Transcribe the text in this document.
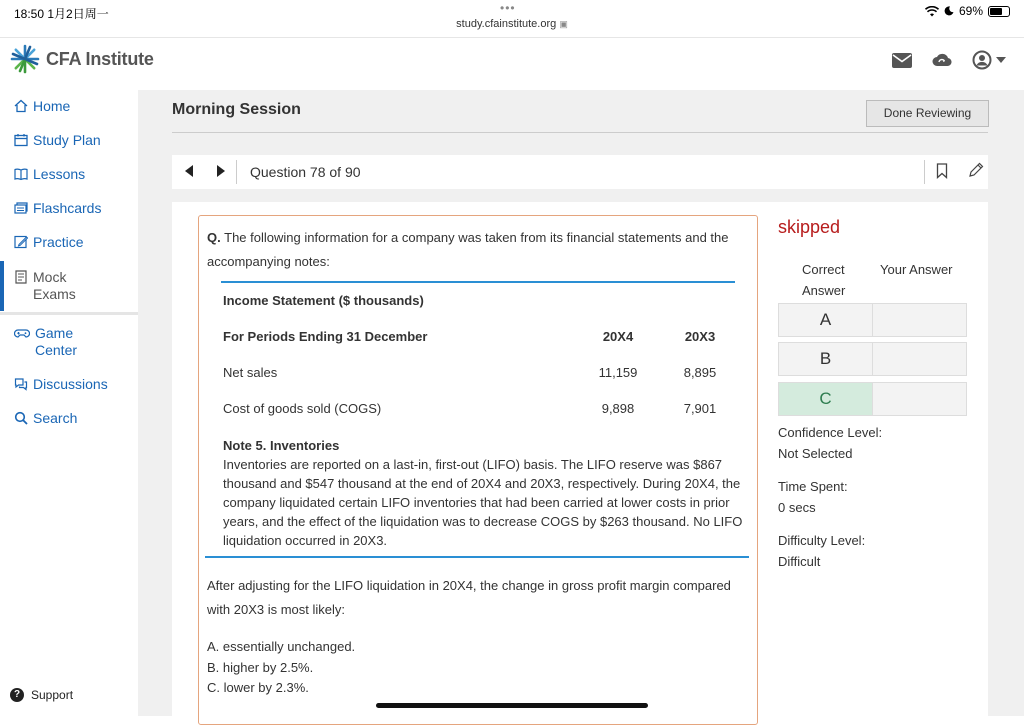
18:50 1月2日周一	•••
study.cfainstitute.org ▣
69%
CFA Institute
Home
Study Plan
Lessons
Flashcards
Practice
Mock Exams
Game Center
Discussions
Search
? Support
Morning Session	Done Reviewing
Question 78 of 90
Q. The following information for a company was taken from its financial statements and the accompanying notes:
Income Statement ($ thousands)
For Periods Ending 31 December	20X4	20X3
Net sales	11,159	8,895
Cost of goods sold (COGS)	9,898	7,901
Note 5. Inventories
Inventories are reported on a last-in, first-out (LIFO) basis. The LIFO reserve was $867 thousand and $547 thousand at the end of 20X4 and 20X3, respectively. During 20X4, the company liquidated certain LIFO inventories that had been carried at lower costs in prior years, and the effect of the liquidation was to decrease COGS by $263 thousand. No LIFO liquidation occurred in 20X3.
After adjusting for the LIFO liquidation in 20X4, the change in gross profit margin compared with 20X3 is most likely:
A. essentially unchanged.
B. higher by 2.5%.
C. lower by 2.3%.
skipped
Correct Answer
Your Answer
A
B
C
Confidence Level:
Not Selected
Time Spent:
0 secs
Difficulty Level:
Difficult
